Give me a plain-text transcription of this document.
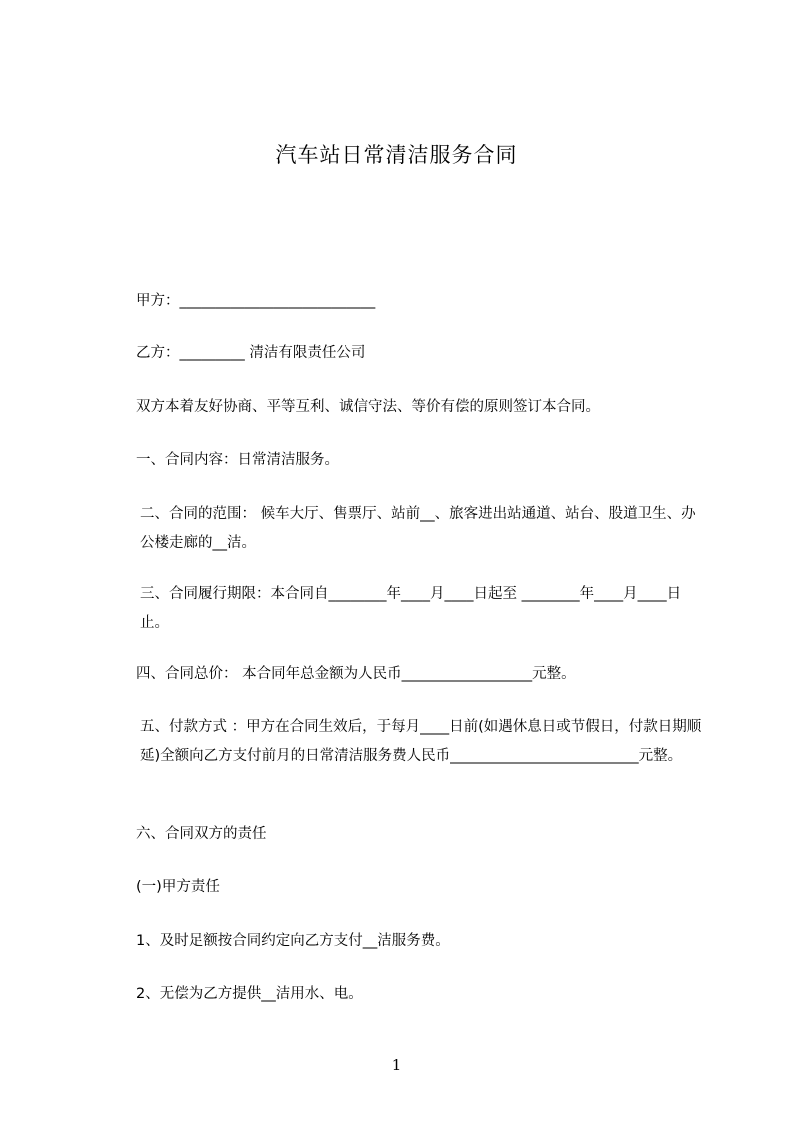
汽车站日常清洁服务合同
甲方：___________________________
乙方：_________ 清洁有限责任公司
双方本着友好协商、平等互利、诚信守法、等价有偿的原则签订本合同。
一、合同内容：日常清洁服务。
二、合同的范围： 候车大厅、售票厅、站前__、旅客进出站通道、站台、股道卫生、办公楼走廊的__洁。
三、合同履行期限：本合同自________年____月____日起至 ________年____月____日止。
四、合同总价： 本合同年总金额为人民币__________________元整。
五、付款方式 ：甲方在合同生效后，于每月____日前(如遇休息日或节假日，付款日期顺延)全额向乙方支付前月的日常清洁服务费人民币__________________________元整。
六、合同双方的责任
(一)甲方责任
1、及时足额按合同约定向乙方支付__洁服务费。
2、无偿为乙方提供__洁用水、电。
1
